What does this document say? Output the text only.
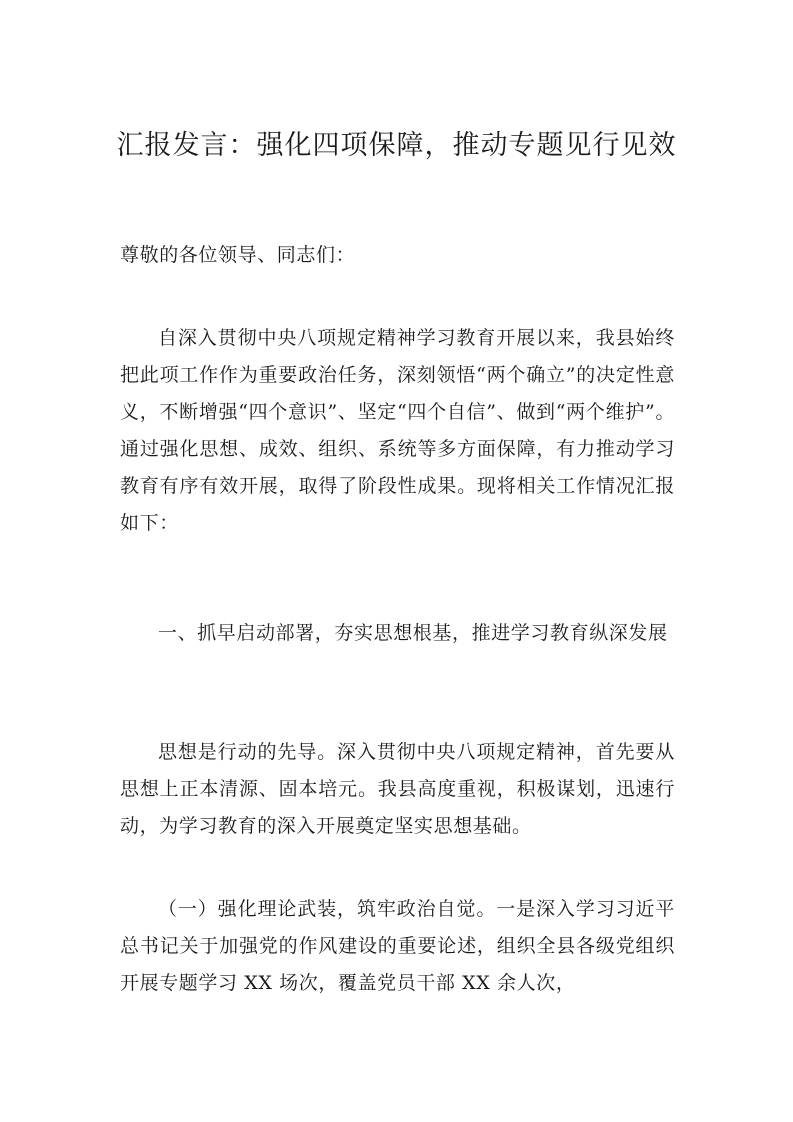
汇报发言：强化四项保障，推动专题见行见效

尊敬的各位领导、同志们：

自深入贯彻中央八项规定精神学习教育开展以来，我县始终把此项工作作为重要政治任务，深刻领悟“两个确立”的决定性意义，不断增强“四个意识”、坚定“四个自信”、做到“两个维护”。通过强化思想、成效、组织、系统等多方面保障，有力推动学习教育有序有效开展，取得了阶段性成果。现将相关工作情况汇报如下：

一、抓早启动部署，夯实思想根基，推进学习教育纵深发展

思想是行动的先导。深入贯彻中央八项规定精神，首先要从思想上正本清源、固本培元。我县高度重视，积极谋划，迅速行动，为学习教育的深入开展奠定坚实思想基础。

（一）强化理论武装，筑牢政治自觉。一是深入学习习近平总书记关于加强党的作风建设的重要论述，组织全县各级党组织开展专题学习 XX 场次，覆盖党员干部 XX 余人次，
